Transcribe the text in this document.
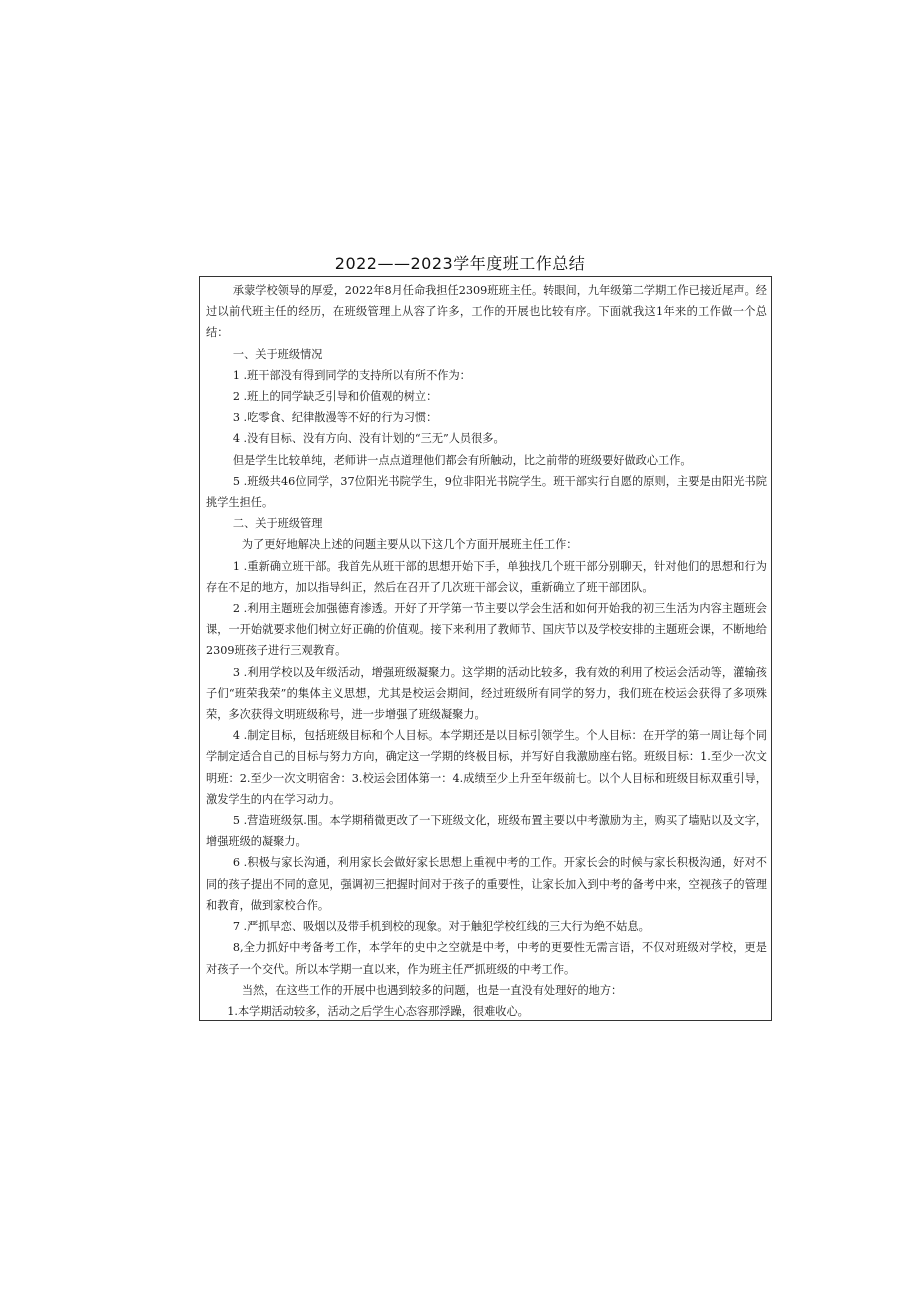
2022——2023学年度班工作总结

承蒙学校领导的厚爱，2022年8月任命我担任2309班班主任。转眼间，九年级第二学期工作已接近尾声。经过以前代班主任的经历，在班级管理上从容了许多，工作的开展也比较有序。下面就我这1年来的工作做一个总结：

一、关于班级情况

1 .班干部没有得到同学的支持所以有所不作为：

2 .班上的同学缺乏引导和价值观的树立：

3 .吃零食、纪律散漫等不好的行为习惯：

4 .没有目标、没有方向、没有计划的“三无”人员很多。

但是学生比较单纯，老师讲一点点道理他们都会有所触动，比之前带的班级要好做政心工作。

5 .班级共46位同学，37位阳光书院学生，9位非阳光书院学生。班干部实行自愿的原则，主要是由阳光书院挑学生担任。

二、关于班级管理

为了更好地解决上述的问题主要从以下这几个方面开展班主任工作：

1 .重新确立班干部。我首先从班干部的思想开始下手，单独找几个班干部分别聊天，针对他们的思想和行为存在不足的地方，加以指导纠正，然后在召开了几次班干部会议，重新确立了班干部团队。

2 .利用主题班会加强德育渗透。开好了开学第一节主要以学会生活和如何开始我的初三生活为内容主题班会课，一开始就要求他们树立好正确的价值观。接下来利用了教师节、国庆节以及学校安排的主题班会课，不断地给2309班孩子进行三观教育。

3 .利用学校以及年级活动，增强班级凝聚力。这学期的活动比较多，我有效的利用了校运会活动等，灌输孩子们“班荣我荣”的集体主义思想，尤其是校运会期间，经过班级所有同学的努力，我们班在校运会获得了多项殊荣，多次获得文明班级称号，进一步增强了班级凝聚力。

4 .制定目标，包括班级目标和个人目标。本学期还是以目标引领学生。个人目标：在开学的第一周让每个同学制定适合自己的目标与努力方向，确定这一学期的终极目标，并写好自我激励座右铭。班级目标：1.至少一次文明班：2.至少一次文明宿舍：3.校运会团体第一：4.成绩至少上升至年级前七。以个人目标和班级目标双重引导，激发学生的内在学习动力。

5 .营造班级氛.围。本学期稍微更改了一下班级文化，班级布置主要以中考激励为主，购买了墙贴以及文字，增强班级的凝聚力。

6 .积极与家长沟通，利用家长会做好家长思想上重视中考的工作。开家长会的时候与家长积极沟通，好对不同的孩子提出不同的意见，强调初三把握时间对于孩子的重要性，让家长加入到中考的备考中来，空视孩子的管理和教育，做到家校合作。

7 .严抓早恋、吸烟以及带手机到校的现象。对于触犯学校红线的三大行为绝不姑息。

8,全力抓好中考备考工作，本学年的史中之空就是中考，中考的更要性无需言语，不仅对班级对学校，更是对孩子一个交代。所以本学期一直以来，作为班主任严抓班级的中考工作。

当然，在这些工作的开展中也遇到较多的问题，也是一直没有处理好的地方：

1.本学期活动较多，活动之后学生心态容那浮躁，很难收心。
